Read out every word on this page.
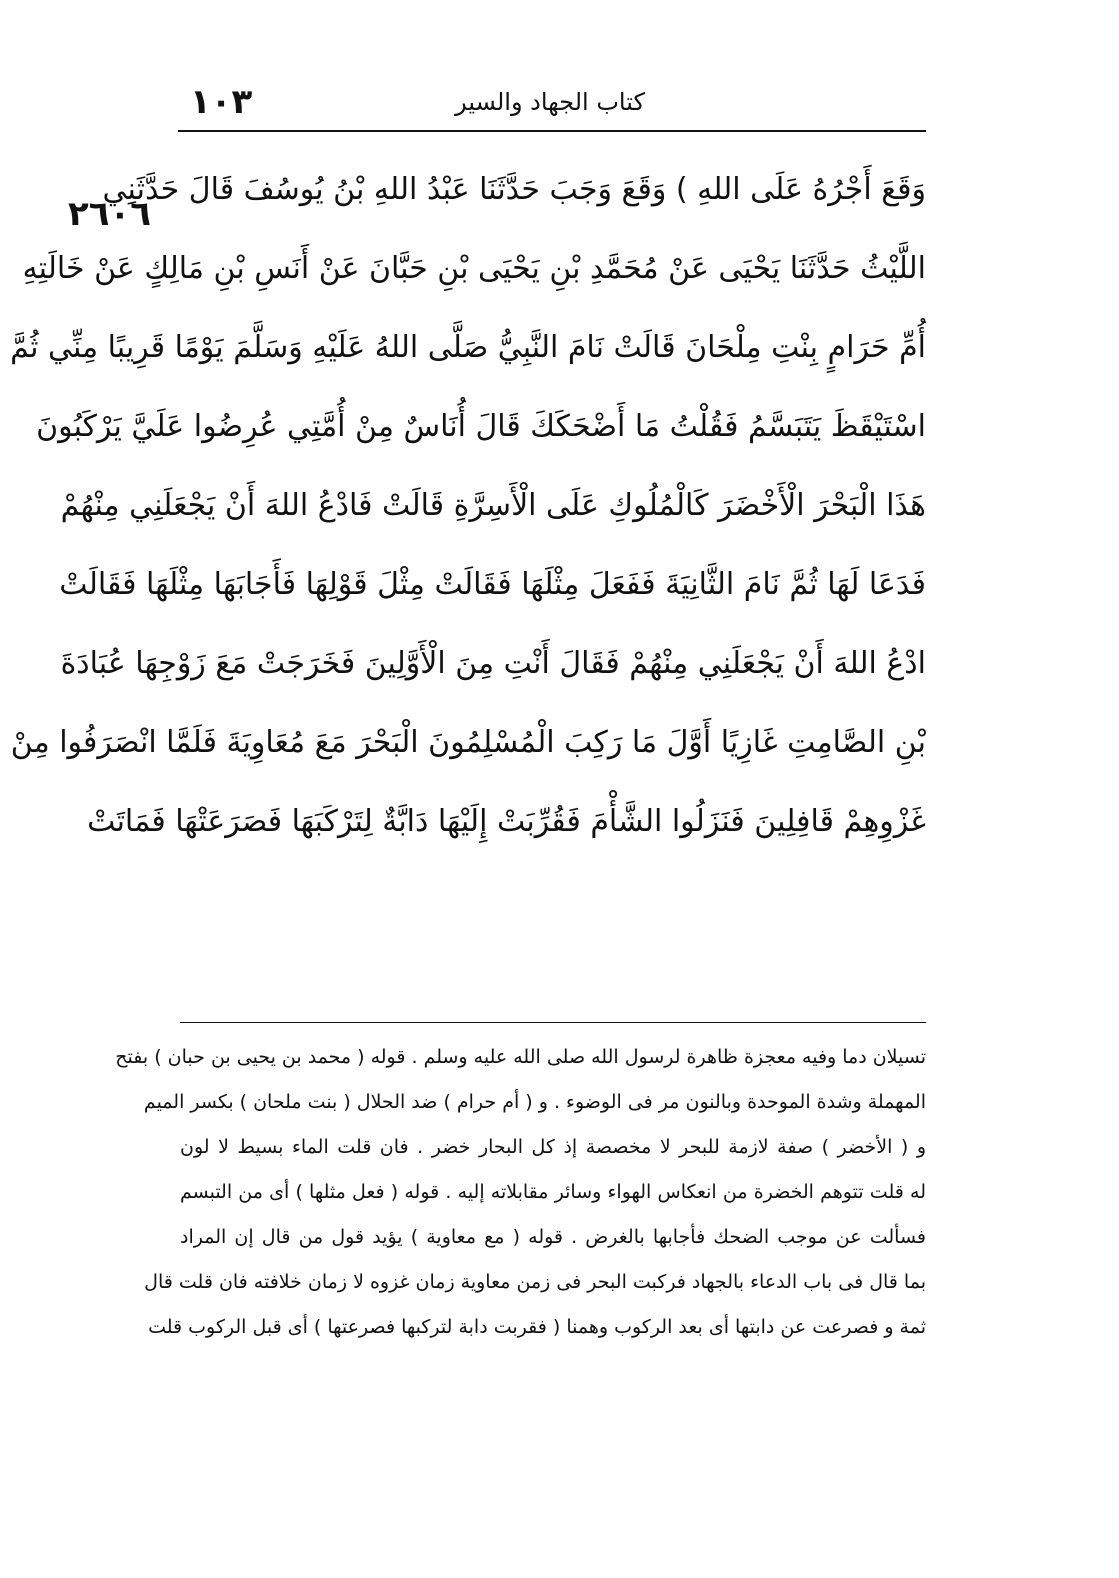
كتاب الجهاد والسير
١٠٣
٢٦٠٦
وَقَعَ أَجْرُهُ عَلَى اللهِ ) وَقَعَ وَجَبَ حَدَّثَنَا عَبْدُ اللهِ بْنُ يُوسُفَ قَالَ حَدَّثَنِي
اللَّيْثُ حَدَّثَنَا يَحْيَى عَنْ مُحَمَّدِ بْنِ يَحْيَى بْنِ حَبَّانَ عَنْ أَنَسِ بْنِ مَالِكٍ عَنْ خَالَتِهِ
أُمِّ حَرَامٍ بِنْتِ مِلْحَانَ قَالَتْ نَامَ النَّبِيُّ صَلَّى اللهُ عَلَيْهِ وَسَلَّمَ يَوْمًا قَرِيبًا مِنِّي ثُمَّ
اسْتَيْقَظَ يَتَبَسَّمُ فَقُلْتُ مَا أَضْحَكَكَ قَالَ أُنَاسٌ مِنْ أُمَّتِي عُرِضُوا عَلَيَّ يَرْكَبُونَ
هَذَا الْبَحْرَ الْأَخْضَرَ كَالْمُلُوكِ عَلَى الْأَسِرَّةِ قَالَتْ فَادْعُ اللهَ أَنْ يَجْعَلَنِي مِنْهُمْ
فَدَعَا لَهَا ثُمَّ نَامَ الثَّانِيَةَ فَفَعَلَ مِثْلَهَا فَقَالَتْ مِثْلَ قَوْلِهَا فَأَجَابَهَا مِثْلَهَا فَقَالَتْ
ادْعُ اللهَ أَنْ يَجْعَلَنِي مِنْهُمْ فَقَالَ أَنْتِ مِنَ الْأَوَّلِينَ فَخَرَجَتْ مَعَ زَوْجِهَا عُبَادَةَ
بْنِ الصَّامِتِ غَازِيًا أَوَّلَ مَا رَكِبَ الْمُسْلِمُونَ الْبَحْرَ مَعَ مُعَاوِيَةَ فَلَمَّا انْصَرَفُوا مِنْ
غَزْوِهِمْ قَافِلِينَ فَنَزَلُوا الشَّأْمَ فَقُرِّبَتْ إِلَيْهَا دَابَّةٌ لِتَرْكَبَهَا فَصَرَعَتْهَا فَمَاتَتْ
تسيلان دما وفيه معجزة ظاهرة لرسول الله صلى الله عليه وسلم . قوله ( محمد بن يحيى بن حبان ) بفتح
المهملة وشدة الموحدة وبالنون مر فى الوضوء . و ( أم حرام ) ضد الحلال ( بنت ملحان ) بكسر الميم
و ( الأخضر ) صفة لازمة للبحر لا مخصصة إذ كل البحار خضر . فان قلت الماء بسيط لا لون
له قلت تتوهم الخضرة من انعكاس الهواء وسائر مقابلاته إليه . قوله ( فعل مثلها ) أى من التبسم
فسألت عن موجب الضحك فأجابها بالغرض . قوله ( مع معاوية ) يؤيد قول من قال إن المراد
بما قال فى باب الدعاء بالجهاد فركبت البحر فى زمن معاوية زمان غزوه لا زمان خلافته فان قلت قال
ثمة و فصرعت عن دابتها أى بعد الركوب وهمنا ( فقربت دابة لتركبها فصرعتها ) أى قبل الركوب قلت
